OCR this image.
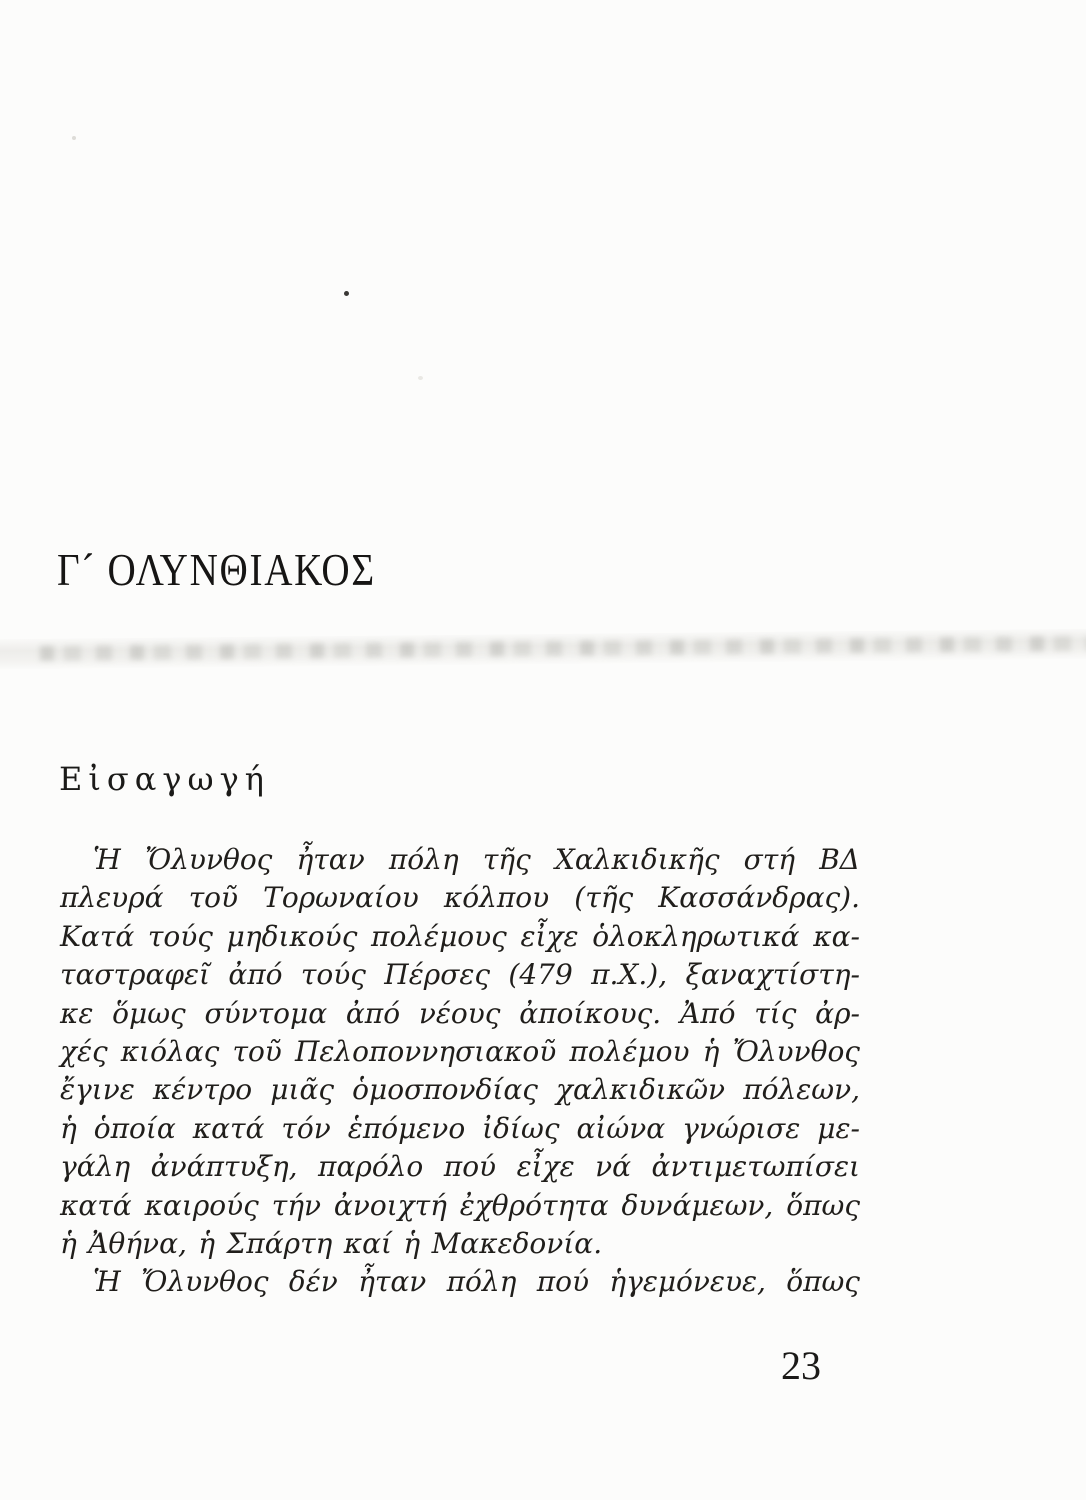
Γ´ ΟΛΥΝΘΙΑΚΟΣ
Εἰσαγωγή
Ἡ Ὄλυνθος ἦταν πόλη τῆς Χαλκιδικῆς στή ΒΔ
πλευρά τοῦ Τορωναίου κόλπου (τῆς Κασσάνδρας).
Κατά τούς μηδικούς πολέμους εἶχε ὁλοκληρωτικά κα-
ταστραφεῖ ἀπό τούς Πέρσες (479 π.Χ.), ξαναχτίστη-
κε ὅμως σύντομα ἀπό νέους ἀποίκους. Ἀπό τίς ἀρ-
χές κιόλας τοῦ Πελοποννησιακοῦ πολέμου ἡ Ὄλυνθος
ἔγινε κέντρο μιᾶς ὁμοσπονδίας χαλκιδικῶν πόλεων,
ἡ ὁποία κατά τόν ἑπόμενο ἰδίως αἰώνα γνώρισε με-
γάλη ἀνάπτυξη, παρόλο πού εἶχε νά ἀντιμετωπίσει
κατά καιρούς τήν ἀνοιχτή ἐχθρότητα δυνάμεων, ὅπως
ἡ Ἀθήνα, ἡ Σπάρτη καί ἡ Μακεδονία.
Ἡ Ὄλυνθος δέν ἦταν πόλη πού ἡγεμόνευε, ὅπως
23
